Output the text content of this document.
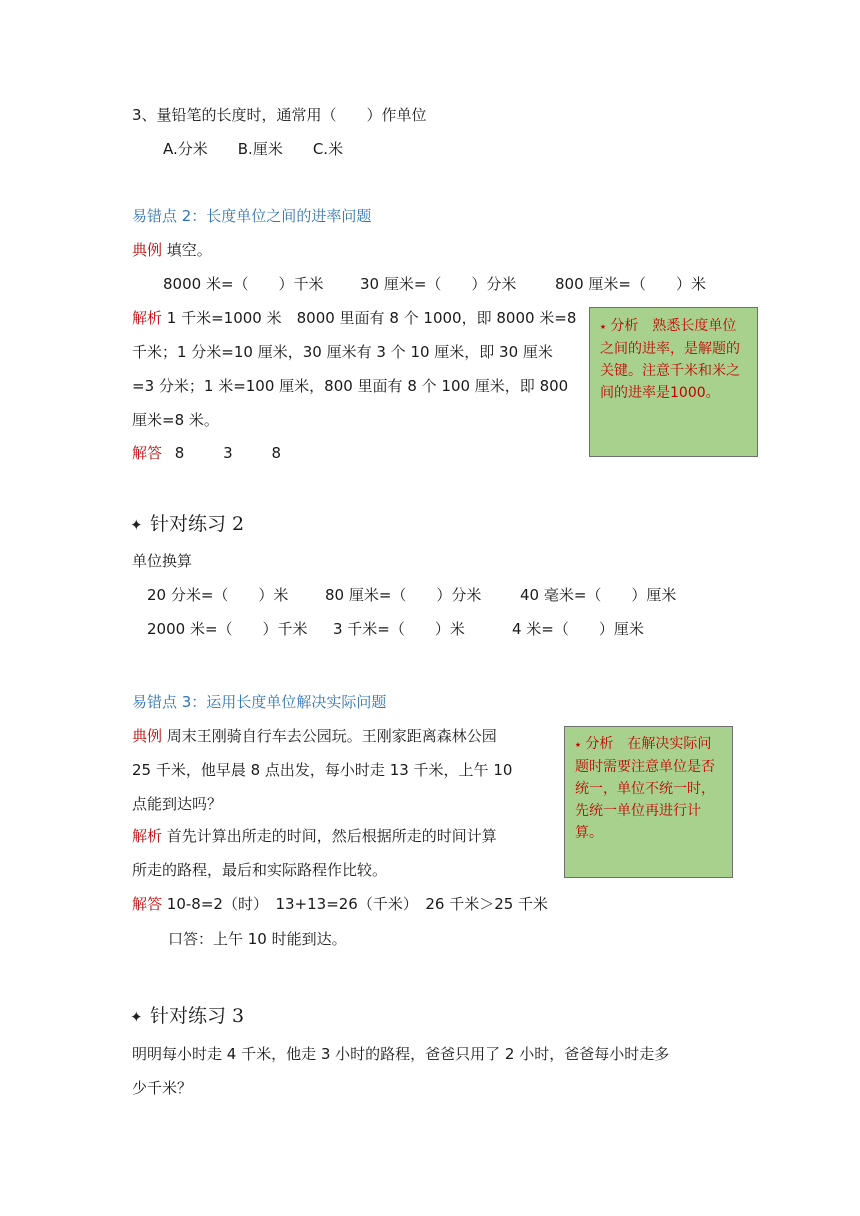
3、量铅笔的长度时，通常用（　　）作单位
A.分米　　B.厘米　　C.米
易错点 2：长度单位之间的进率问题
典例 填空。
8000 米=（　　）千米 30 厘米=（　　）分米	800 厘米=（　　）米
解析 1 千米=1000 米　8000 里面有 8 个 1000，即 8000 米=8
千米；1 分米=10 厘米，30 厘米有 3 个 10 厘米，即 30 厘米
=3 分米；1 米=100 厘米，800 里面有 8 个 100 厘米，即 800
厘米=8 米。
解答 8	3	8
⭑ 分析　熟悉长度单位之间的进率，是解题的关键。注意千米和米之间的进率是1000。
✦ 针对练习 2
单位换算
20 分米=（　　）米 80 厘米=（　　）分米	40 毫米=（　　）厘米
2000 米=（　　）千米 3 千米=（　　）米	4 米=（　　）厘米
易错点 3：运用长度单位解决实际问题
典例 周末王刚骑自行车去公园玩。王刚家距离森林公园
25 千米，他早晨 8 点出发，每小时走 13 千米，上午 10
点能到达吗？
解析 首先计算出所走的时间，然后根据所走的时间计算
所走的路程，最后和实际路程作比较。
解答 10-8=2（时）　13+13=26（千米）　26 千米＞25 千米
口答：上午 10 时能到达。
⭑ 分析　在解决实际问题时需要注意单位是否统一，单位不统一时，先统一单位再进行计算。
✦ 针对练习 3
明明每小时走 4 千米，他走 3 小时的路程，爸爸只用了 2 小时，爸爸每小时走多
少千米？
